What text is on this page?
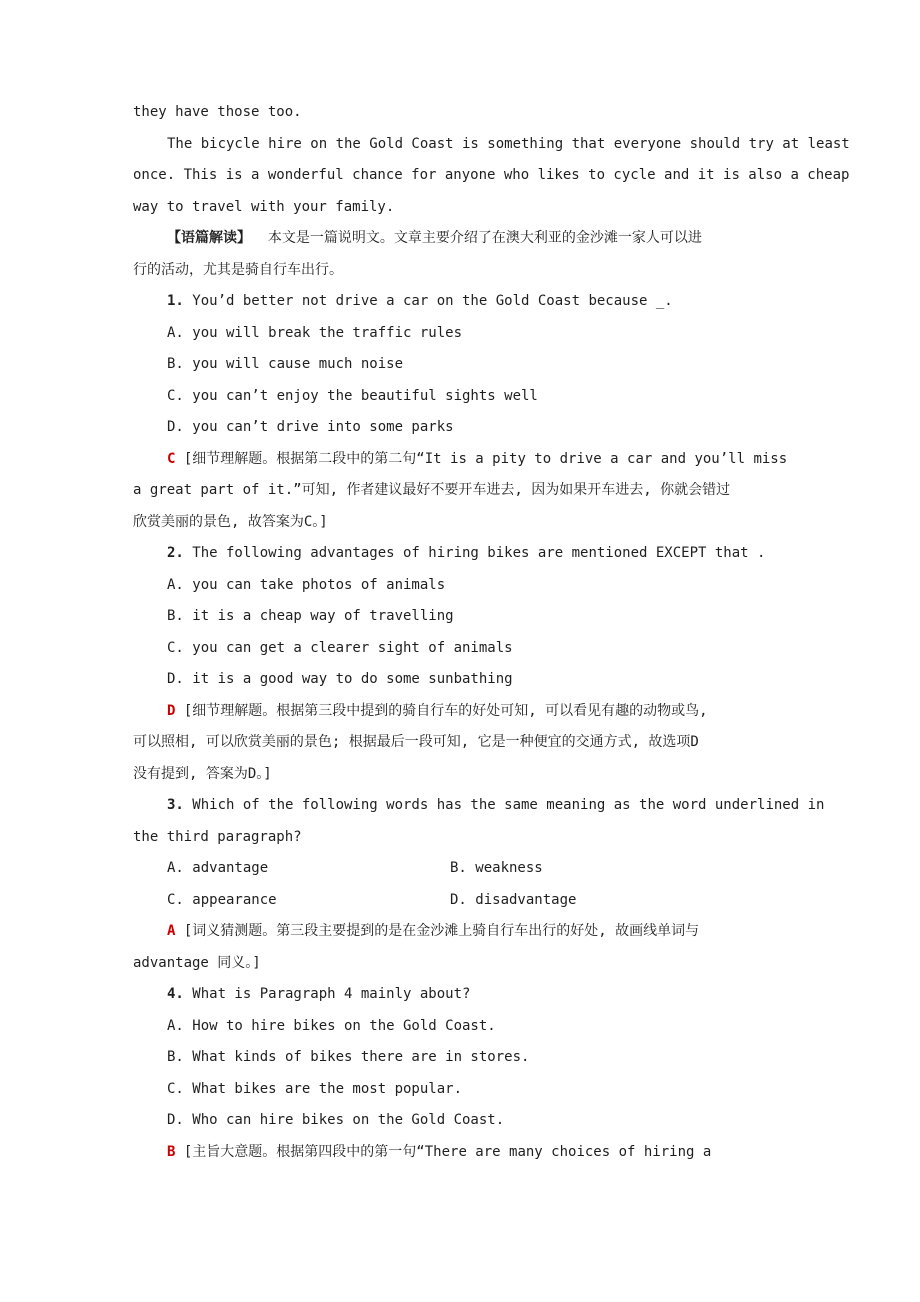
they have those too.
The bicycle hire on the Gold Coast is something that everyone should try at least
once. This is a wonderful chance for anyone who likes to cycle and it is also a cheap
way to travel with your family.
【语篇解读】  本文是一篇说明文。文章主要介绍了在澳大利亚的金沙滩一家人可以进
行的活动，尤其是骑自行车出行。
1. You’d better not drive a car on the Gold Coast because _.
A. you will break the traffic rules
B. you will cause much noise
C. you can’t enjoy the beautiful sights well
D. you can’t drive into some parks
C [细节理解题。根据第二段中的第二句“It is a pity to drive a car and you’ll miss
a great part of it.”可知, 作者建议最好不要开车进去, 因为如果开车进去, 你就会错过
欣赏美丽的景色, 故答案为C。]
2. The following advantages of hiring bikes are mentioned EXCEPT that .
A. you can take photos of animals
B. it is a cheap way of travelling
C. you can get a clearer sight of animals
D. it is a good way to do some sunbathing
D [细节理解题。根据第三段中提到的骑自行车的好处可知, 可以看见有趣的动物或鸟,
可以照相, 可以欣赏美丽的景色; 根据最后一段可知, 它是一种便宜的交通方式, 故选项D
没有提到, 答案为D。]
3. Which of the following words has the same meaning as the word underlined in
the third paragraph?
A. advantage	B. weakness
C. appearance	D. disadvantage
A [词义猜测题。第三段主要提到的是在金沙滩上骑自行车出行的好处, 故画线单词与
advantage 同义。]
4. What is Paragraph 4 mainly about?
A. How to hire bikes on the Gold Coast.
B. What kinds of bikes there are in stores.
C. What bikes are the most popular.
D. Who can hire bikes on the Gold Coast.
B [主旨大意题。根据第四段中的第一句“There are many choices of hiring a
